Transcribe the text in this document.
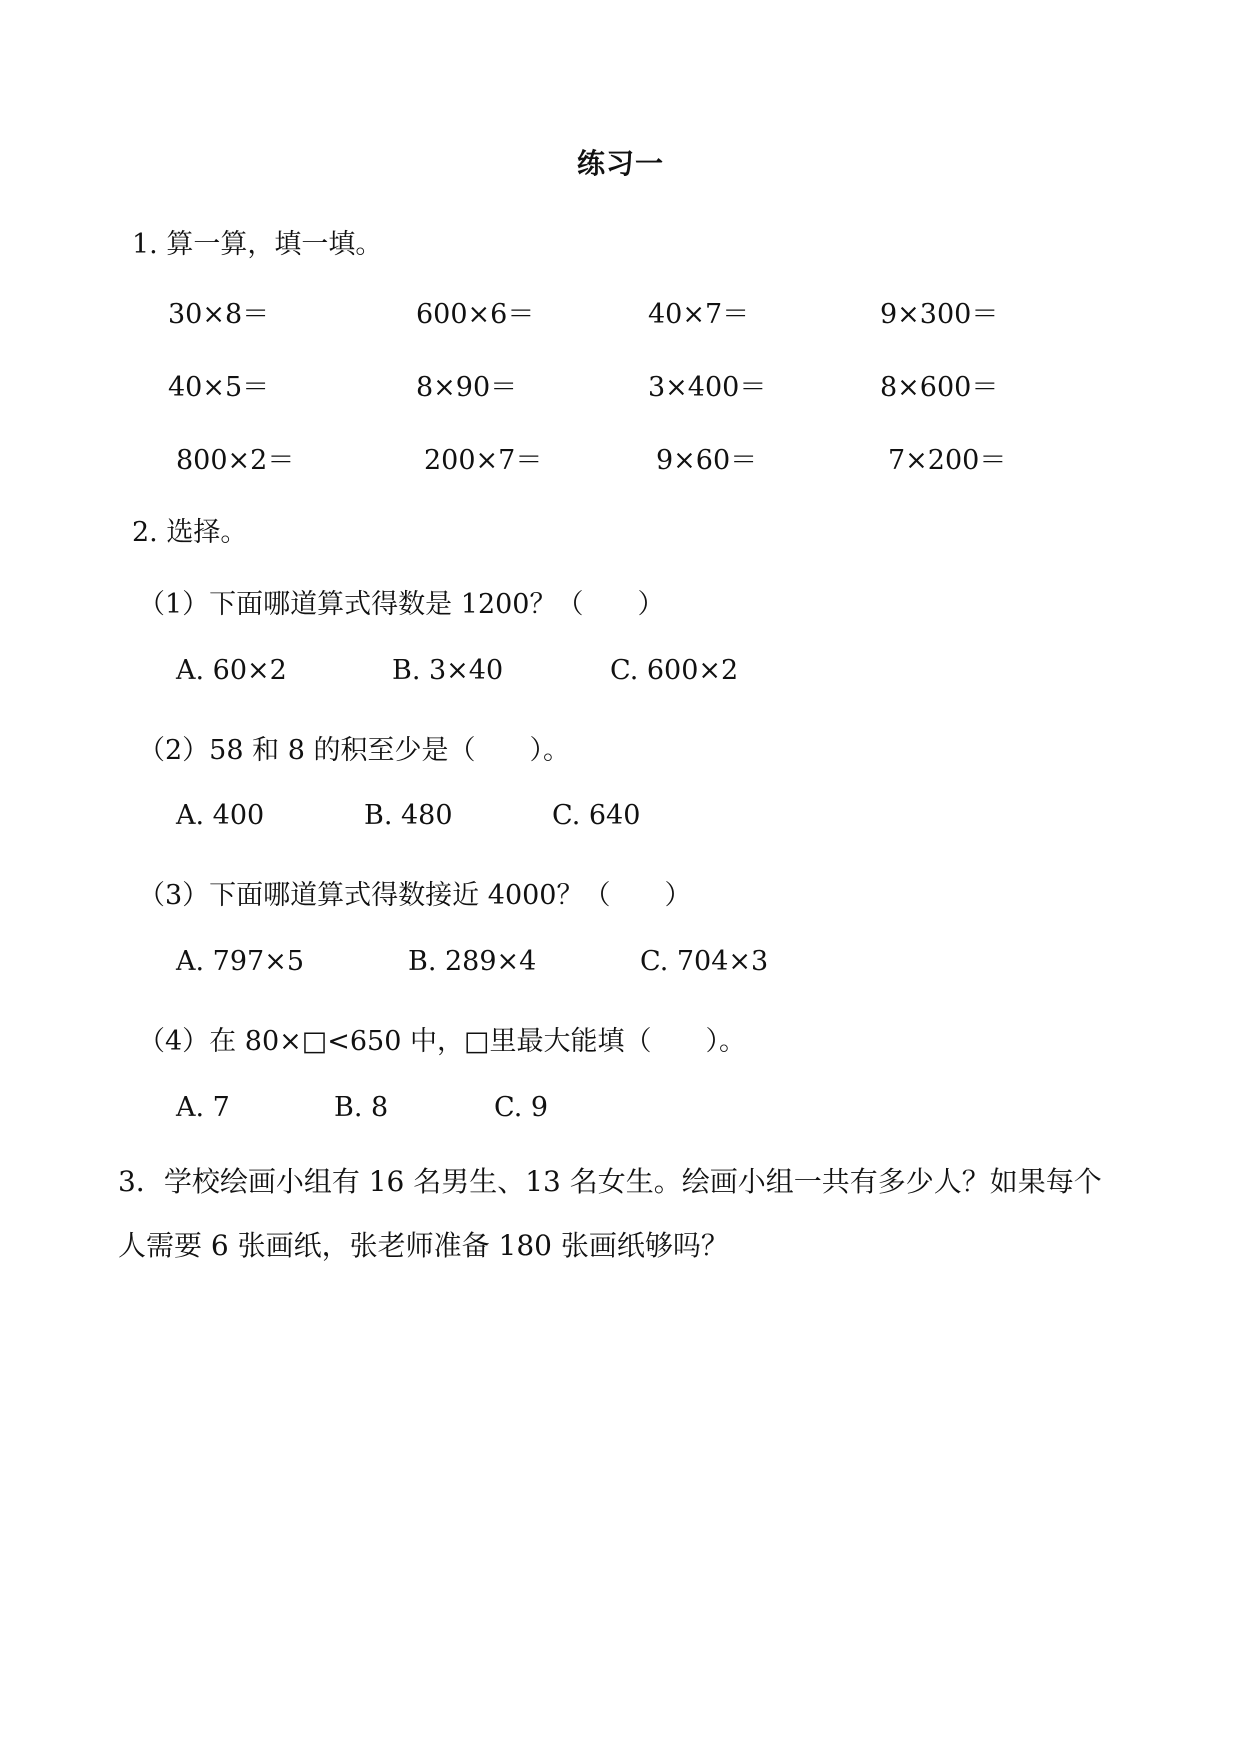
练习一
1. 算一算，填一填。
30×8＝	600×6＝	40×7＝	9×300＝
40×5＝	8×90＝	3×400＝	8×600＝
800×2＝	200×7＝	9×60＝	7×200＝
2. 选择。
（1）下面哪道算式得数是 1200？（　　）
A. 60×2	B. 3×40	C. 600×2
（2）58 和 8 的积至少是（　　）。
A. 400	B. 480	C. 640
（3）下面哪道算式得数接近 4000？（　　）
A. 797×5	B. 289×4	C. 704×3
（4）在 80×□<650 中，□里最大能填（　　）。
A. 7	B. 8	C. 9
3．学校绘画小组有 16 名男生、13 名女生。绘画小组一共有多少人？如果每个人需要 6 张画纸，张老师准备 180 张画纸够吗？
